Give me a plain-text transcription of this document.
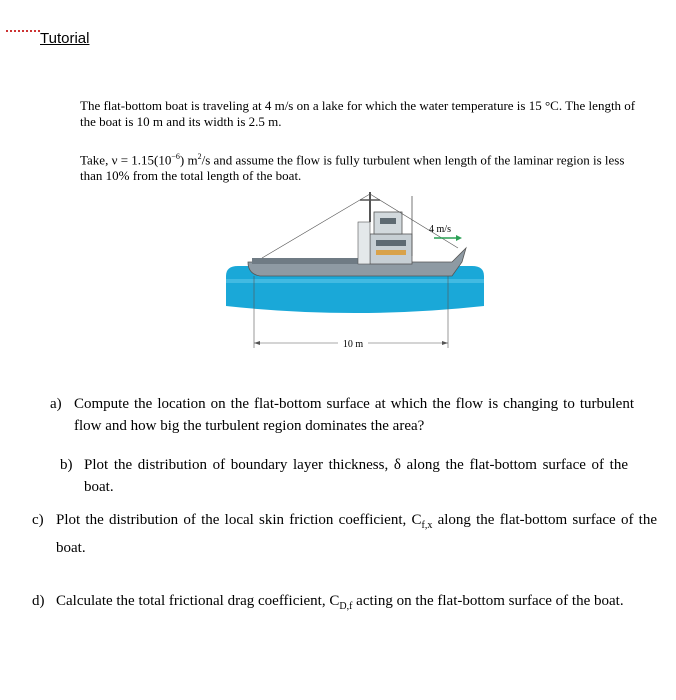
Tutorial
The flat-bottom boat is traveling at 4 m/s on a lake for which the water temperature is 15 °C. The length of the boat is 10 m and its width is 2.5 m.
Take, $\nu = 1.15(10^{-6})$ $m^2/s$ and assume the flow is fully turbulent when length of the laminar region is less than 10% from the total length of the boat.
4 m/s
10 m
a) Compute the location on the flat-bottom surface at which the flow is changing to turbulent flow and how big the turbulent region dominates the area?
b) Plot the distribution of boundary layer thickness, δ along the flat-bottom surface of the boat.
c) Plot the distribution of the local skin friction coefficient, $C_{f,x}$ along the flat-bottom surface of the boat.
d) Calculate the total frictional drag coefficient, $C_{D,f}$ acting on the flat-bottom surface of the boat.
